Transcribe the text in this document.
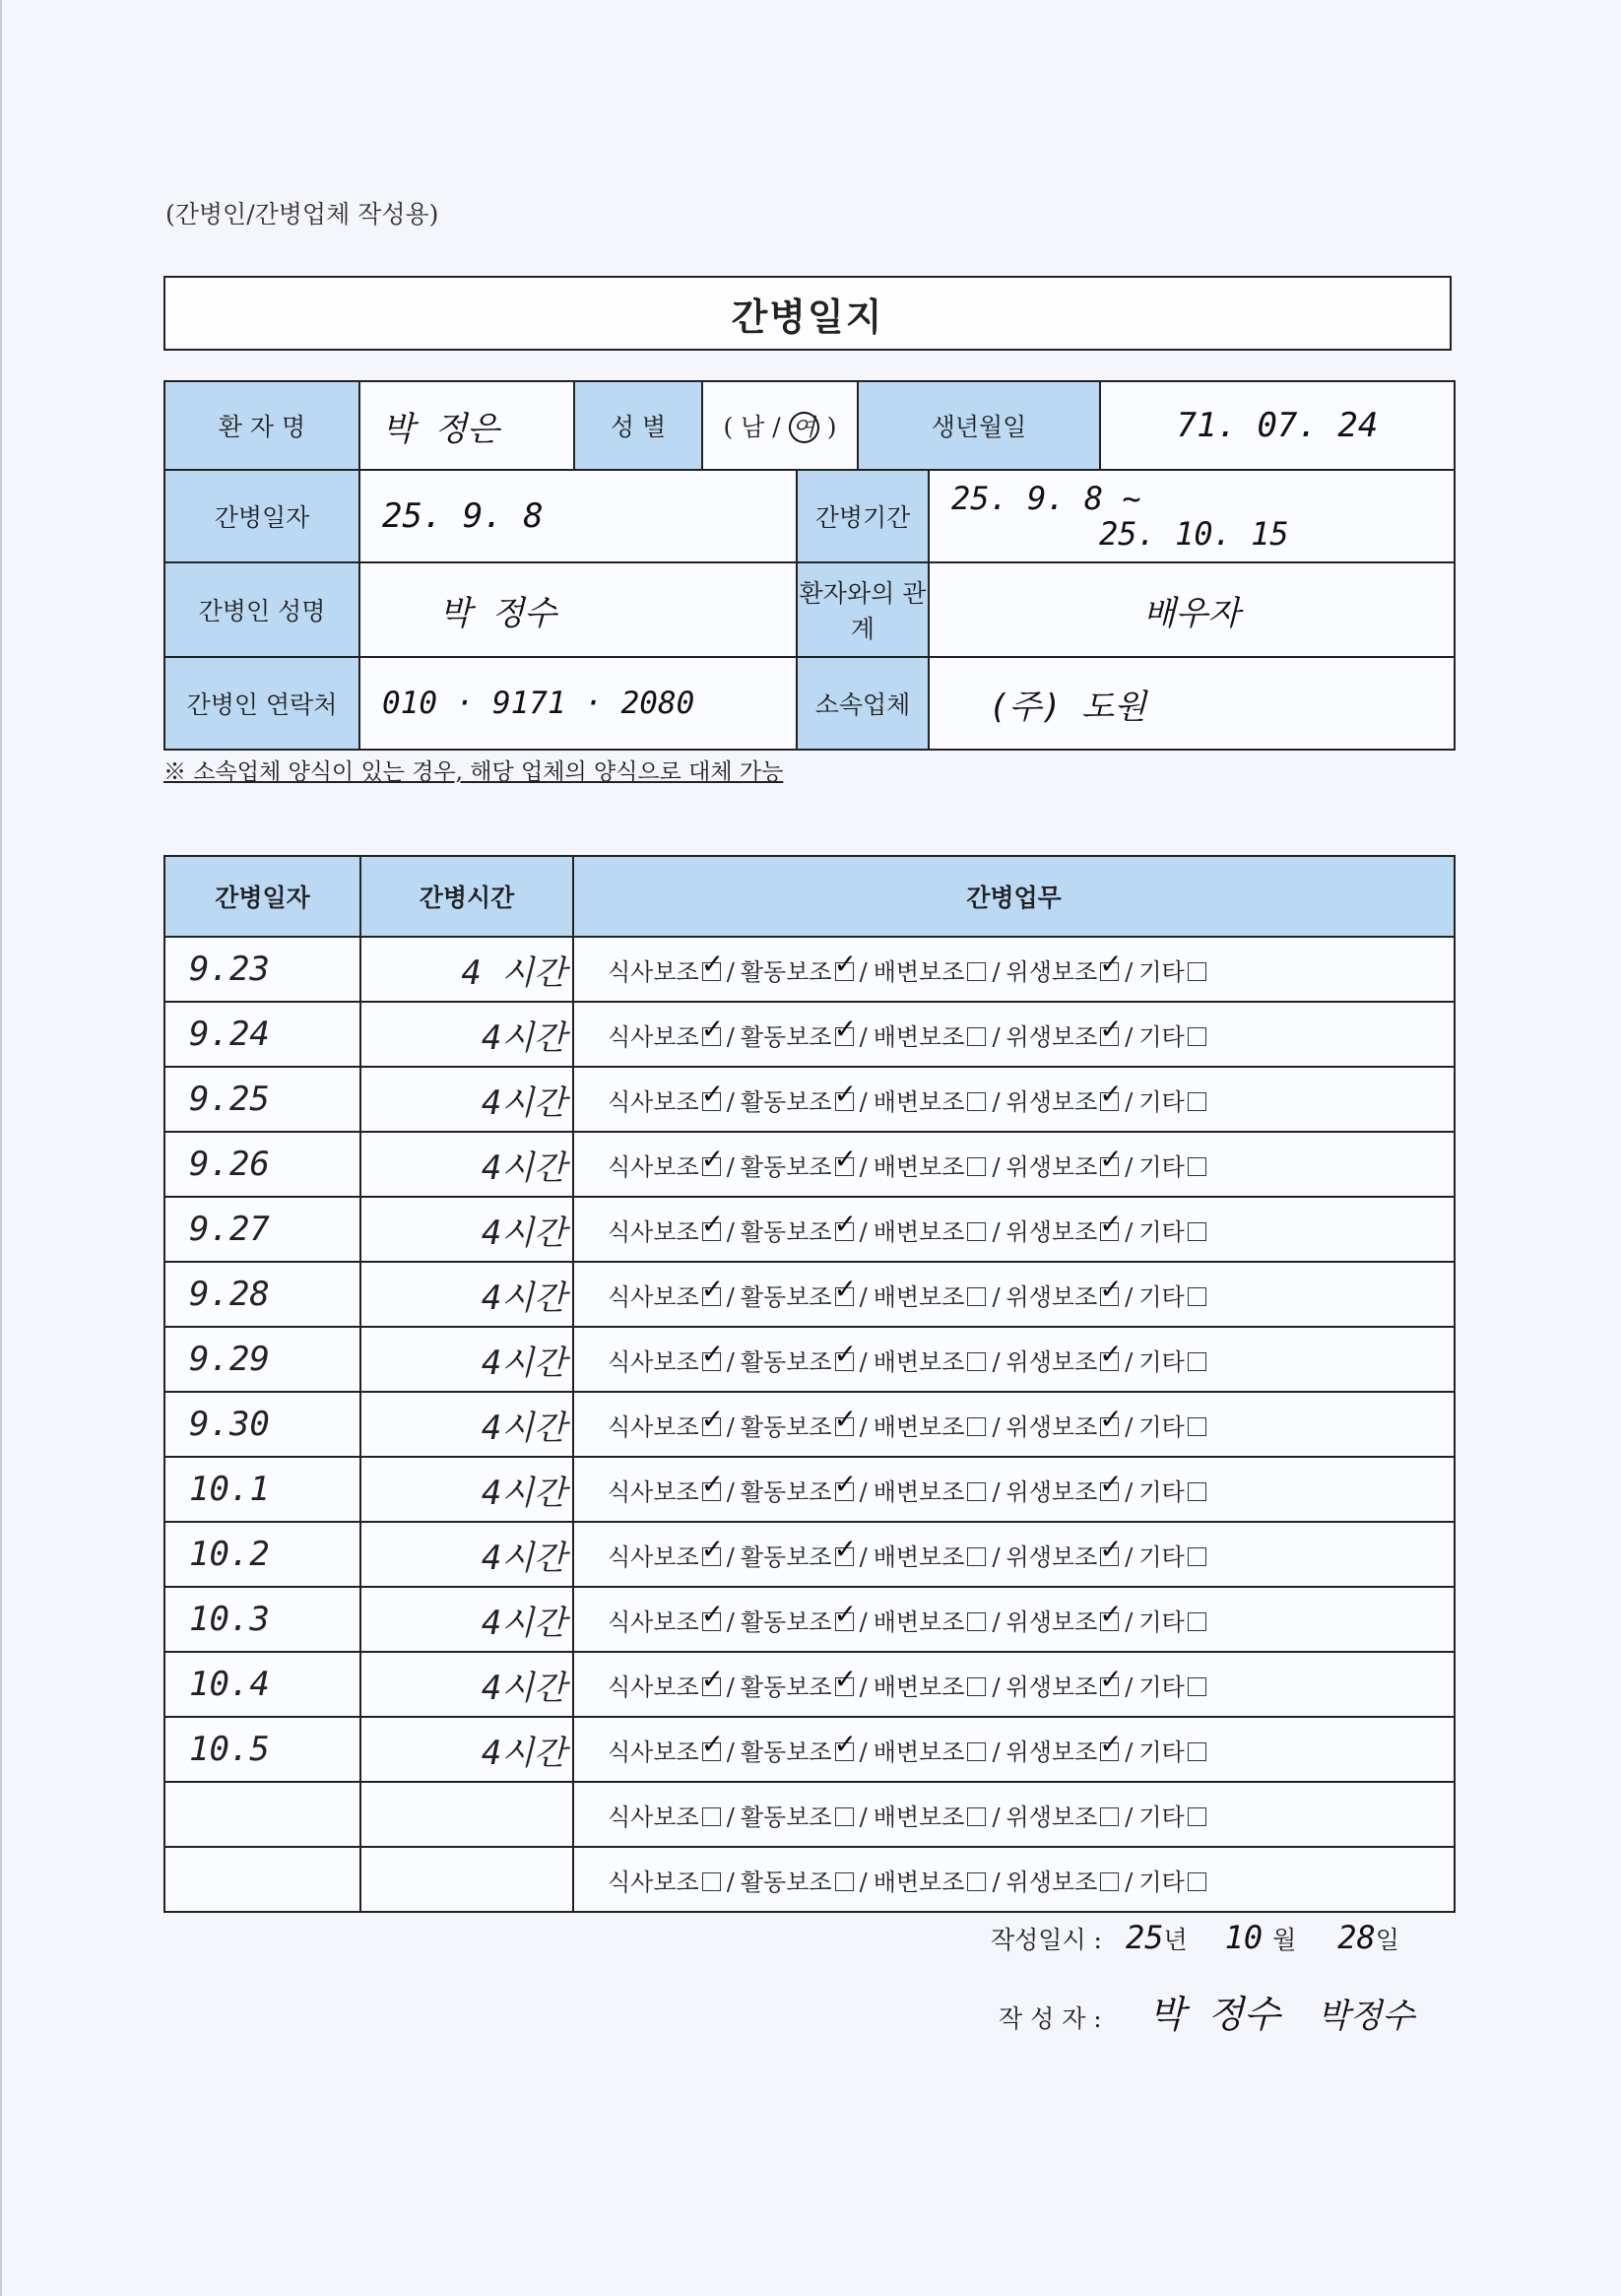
(간병인/간병업체 작성용)
간병일지
환 자 명	박 정은	성 별	( 남 / 여 )		생년월일		71. 07. 24
간병일자	25. 9. 8			간병기간		25. 9. 8 ~
25. 10. 15	

간병인 성명	박 정수			환자와의 관계		배우자	
간병인 연락처	010 · 9171 · 2080			소속업체		(주) 도원	
※ 소속업체 양식이 있는 경우, 해당 업체의 양식으로 대체 가능
간병일자	간병시간	간병업무
9.23	4 시간	식사보조 ✓ / 활동보조 ✓ / 배변보조 / 위생보조 ✓ / 기타
9.24	4시간	식사보조 ✓ / 활동보조 ✓ / 배변보조 / 위생보조 ✓ / 기타
9.25	4시간	식사보조 ✓ / 활동보조 ✓ / 배변보조 / 위생보조 ✓ / 기타
9.26	4시간	식사보조 ✓ / 활동보조 ✓ / 배변보조 / 위생보조 ✓ / 기타
9.27	4시간	식사보조 ✓ / 활동보조 ✓ / 배변보조 / 위생보조 ✓ / 기타
9.28	4시간	식사보조 ✓ / 활동보조 ✓ / 배변보조 / 위생보조 ✓ / 기타
9.29	4시간	식사보조 ✓ / 활동보조 ✓ / 배변보조 / 위생보조 ✓ / 기타
9.30	4시간	식사보조 ✓ / 활동보조 ✓ / 배변보조 / 위생보조 ✓ / 기타
10.1	4시간	식사보조 ✓ / 활동보조 ✓ / 배변보조 / 위생보조 ✓ / 기타
10.2	4시간	식사보조 ✓ / 활동보조 ✓ / 배변보조 / 위생보조 ✓ / 기타
10.3	4시간	식사보조 ✓ / 활동보조 ✓ / 배변보조 / 위생보조 ✓ / 기타
10.4	4시간	식사보조 ✓ / 활동보조 ✓ / 배변보조 / 위생보조 ✓ / 기타
10.5	4시간	식사보조 ✓ / 활동보조 ✓ / 배변보조 / 위생보조 ✓ / 기타
		식사보조 / 활동보조 / 배변보조 / 위생보조 / 기타
		식사보조 / 활동보조 / 배변보조 / 위생보조 / 기타
작성일시 : 25년 10 월 28일
작 성 자 : 박 정수 박정수
